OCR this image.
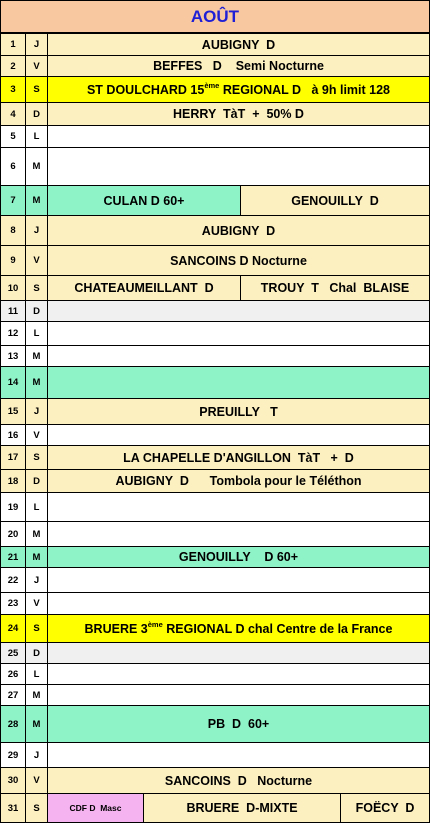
AOÛT
1	J	AUBIGNY  D
2	V	BEFFES   D    Semi Nocturne
3	S	ST DOULCHARD 15ème REGIONAL D   à 9h limit 128
4	D	HERRY  TàT  +  50% D
5	L
6	M
7	M	CULAN D 60+	GENOUILLY  D
8	J	AUBIGNY  D
9	V	SANCOINS D Nocturne
10	S	CHATEAUMEILLANT  D	TROUY  T   Chal  BLAISE
11	D
12	L
13	M
14	M
15	J	PREUILLY   T
16	V
17	S	LA CHAPELLE D'ANGILLON  TàT   +  D
18	D	AUBIGNY  D      Tombola pour le Téléthon
19	L
20	M
21	M	GENOUILLY    D 60+
22	J
23	V
24	S	BRUERE 3ème REGIONAL D chal Centre de la France
25	D
26	L
27	M
28	M	PB  D  60+
29	J
30	V	SANCOINS  D   Nocturne
31	S	CDF D  Masc	BRUERE  D-MIXTE	FOËCY  D
